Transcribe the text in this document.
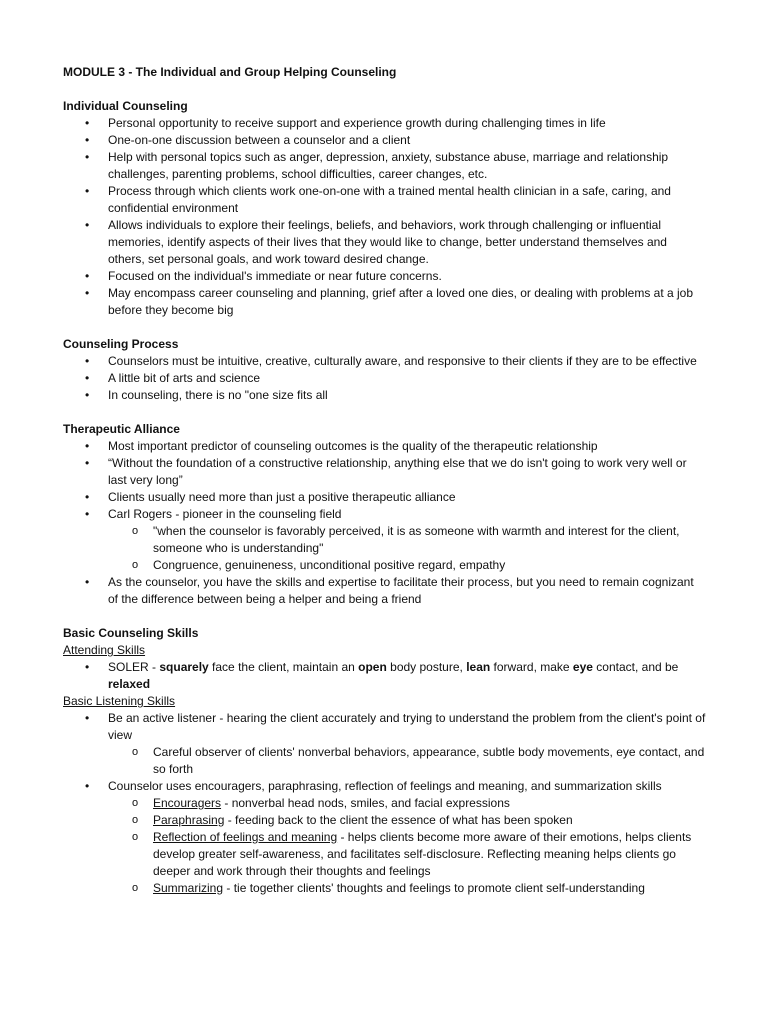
MODULE 3 - The Individual and Group Helping Counseling
Individual Counseling
• Personal opportunity to receive support and experience growth during challenging times in life
• One-on-one discussion between a counselor and a client
• Help with personal topics such as anger, depression, anxiety, substance abuse, marriage and relationship challenges, parenting problems, school difficulties, career changes, etc.
• Process through which clients work one-on-one with a trained mental health clinician in a safe, caring, and confidential environment
• Allows individuals to explore their feelings, beliefs, and behaviors, work through challenging or influential memories, identify aspects of their lives that they would like to change, better understand themselves and others, set personal goals, and work toward desired change.
• Focused on the individual's immediate or near future concerns.
• May encompass career counseling and planning, grief after a loved one dies, or dealing with problems at a job before they become big
Counseling Process
• Counselors must be intuitive, creative, culturally aware, and responsive to their clients if they are to be effective
• A little bit of arts and science
• In counseling, there is no "one size fits all
Therapeutic Alliance
• Most important predictor of counseling outcomes is the quality of the therapeutic relationship
• “Without the foundation of a constructive relationship, anything else that we do isn't going to work very well or last very long”
• Clients usually need more than just a positive therapeutic alliance
• Carl Rogers - pioneer in the counseling field
o "when the counselor is favorably perceived, it is as someone with warmth and interest for the client, someone who is understanding"
o Congruence, genuineness, unconditional positive regard, empathy
• As the counselor, you have the skills and expertise to facilitate their process, but you need to remain cognizant of the difference between being a helper and being a friend
Basic Counseling Skills
Attending Skills
• SOLER - squarely face the client, maintain an open body posture, lean forward, make eye contact, and be relaxed
Basic Listening Skills
• Be an active listener - hearing the client accurately and trying to understand the problem from the client's point of view
o Careful observer of clients' nonverbal behaviors, appearance, subtle body movements, eye contact, and so forth
• Counselor uses encouragers, paraphrasing, reflection of feelings and meaning, and summarization skills
o Encouragers - nonverbal head nods, smiles, and facial expressions
o Paraphrasing - feeding back to the client the essence of what has been spoken
o Reflection of feelings and meaning - helps clients become more aware of their emotions, helps clients develop greater self-awareness, and facilitates self-disclosure. Reflecting meaning helps clients go deeper and work through their thoughts and feelings
o Summarizing - tie together clients' thoughts and feelings to promote client self-understanding
